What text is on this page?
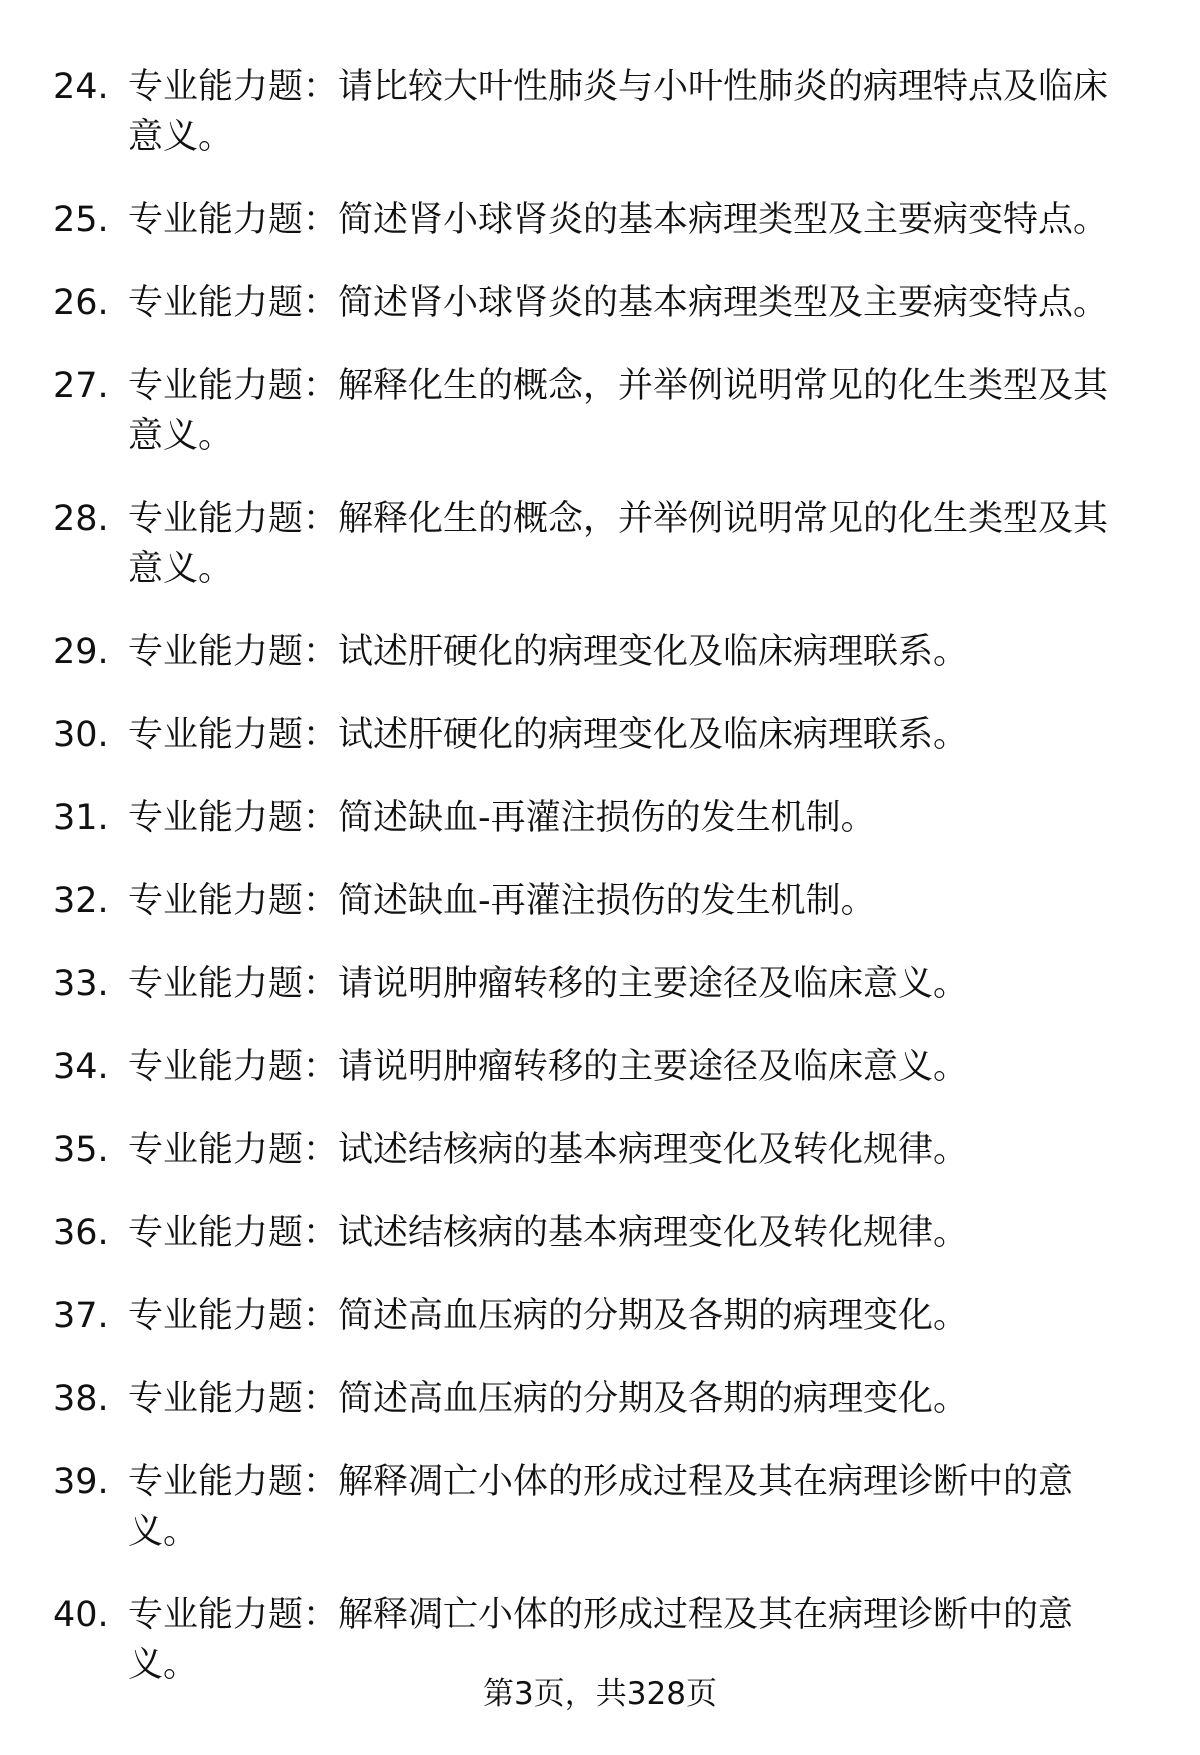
24. 专业能力题：请比较大叶性肺炎与小叶性肺炎的病理特点及临床意义。
25. 专业能力题：简述肾小球肾炎的基本病理类型及主要病变特点。
26. 专业能力题：简述肾小球肾炎的基本病理类型及主要病变特点。
27. 专业能力题：解释化生的概念，并举例说明常见的化生类型及其意义。
28. 专业能力题：解释化生的概念，并举例说明常见的化生类型及其意义。
29. 专业能力题：试述肝硬化的病理变化及临床病理联系。
30. 专业能力题：试述肝硬化的病理变化及临床病理联系。
31. 专业能力题：简述缺血-再灌注损伤的发生机制。
32. 专业能力题：简述缺血-再灌注损伤的发生机制。
33. 专业能力题：请说明肿瘤转移的主要途径及临床意义。
34. 专业能力题：请说明肿瘤转移的主要途径及临床意义。
35. 专业能力题：试述结核病的基本病理变化及转化规律。
36. 专业能力题：试述结核病的基本病理变化及转化规律。
37. 专业能力题：简述高血压病的分期及各期的病理变化。
38. 专业能力题：简述高血压病的分期及各期的病理变化。
39. 专业能力题：解释凋亡小体的形成过程及其在病理诊断中的意义。
40. 专业能力题：解释凋亡小体的形成过程及其在病理诊断中的意义。
第3页，共328页
